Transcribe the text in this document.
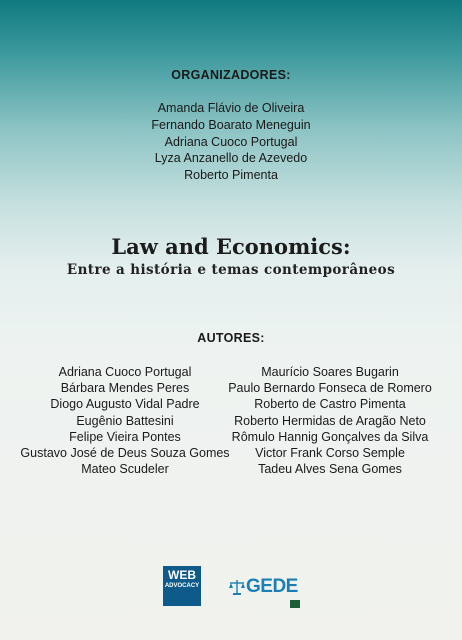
ORGANIZADORES:
Amanda Flávio de Oliveira
Fernando Boarato Meneguin
Adriana Cuoco Portugal
Lyza Anzanello de Azevedo
Roberto Pimenta
Law and Economics:
Entre a história e temas contemporâneos
AUTORES:
Adriana Cuoco Portugal
Bárbara Mendes Peres
Diogo Augusto Vidal Padre
Eugênio Battesini
Felipe Vieira Pontes
Gustavo José de Deus Souza Gomes
Mateo Scudeler
Maurício Soares Bugarin
Paulo Bernardo Fonseca de Romero
Roberto de Castro Pimenta
Roberto Hermidas de Aragão Neto
Rômulo Hannig Gonçalves da Silva
Victor Frank Corso Semple
Tadeu Alves Sena Gomes
WEB
ADVOCACY GEDE
